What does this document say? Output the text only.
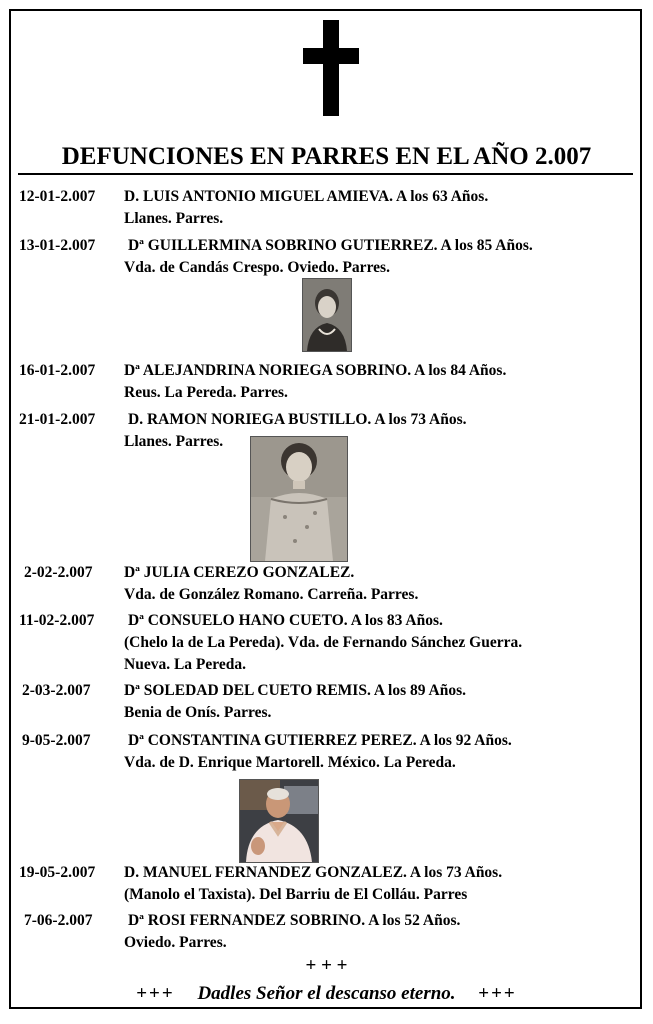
DEFUNCIONES EN PARRES EN EL AÑO 2.007
12-01-2.007 D. LUIS ANTONIO MIGUEL AMIEVA. A los 63 Años.
Llanes. Parres.
13-01-2.007 Dª GUILLERMINA SOBRINO GUTIERREZ. A los 85 Años.
Vda. de Candás Crespo. Oviedo. Parres.
16-01-2.007 Dª ALEJANDRINA NORIEGA SOBRINO. A los 84 Años.
Reus. La Pereda. Parres.
21-01-2.007 D. RAMON NORIEGA BUSTILLO. A los 73 Años.
Llanes. Parres.
2-02-2.007 Dª JULIA CEREZO GONZALEZ.
Vda. de González Romano. Carreña. Parres.
11-02-2.007 Dª CONSUELO HANO CUETO. A los 83 Años.
(Chelo la de La Pereda). Vda. de Fernando Sánchez Guerra.
Nueva. La Pereda.
2-03-2.007 Dª SOLEDAD DEL CUETO REMIS. A los 89 Años.
Benia de Onís. Parres.
9-05-2.007 Dª CONSTANTINA GUTIERREZ PEREZ. A los 92 Años.
Vda. de D. Enrique Martorell. México. La Pereda.
19-05-2.007 D. MANUEL FERNANDEZ GONZALEZ. A los 73 Años.
(Manolo el Taxista). Del Barriu de El Colláu. Parres
7-06-2.007 Dª ROSI FERNANDEZ SOBRINO. A los 52 Años.
Oviedo. Parres.
+ + +
+++ Dadles Señor el descanso eterno. +++
